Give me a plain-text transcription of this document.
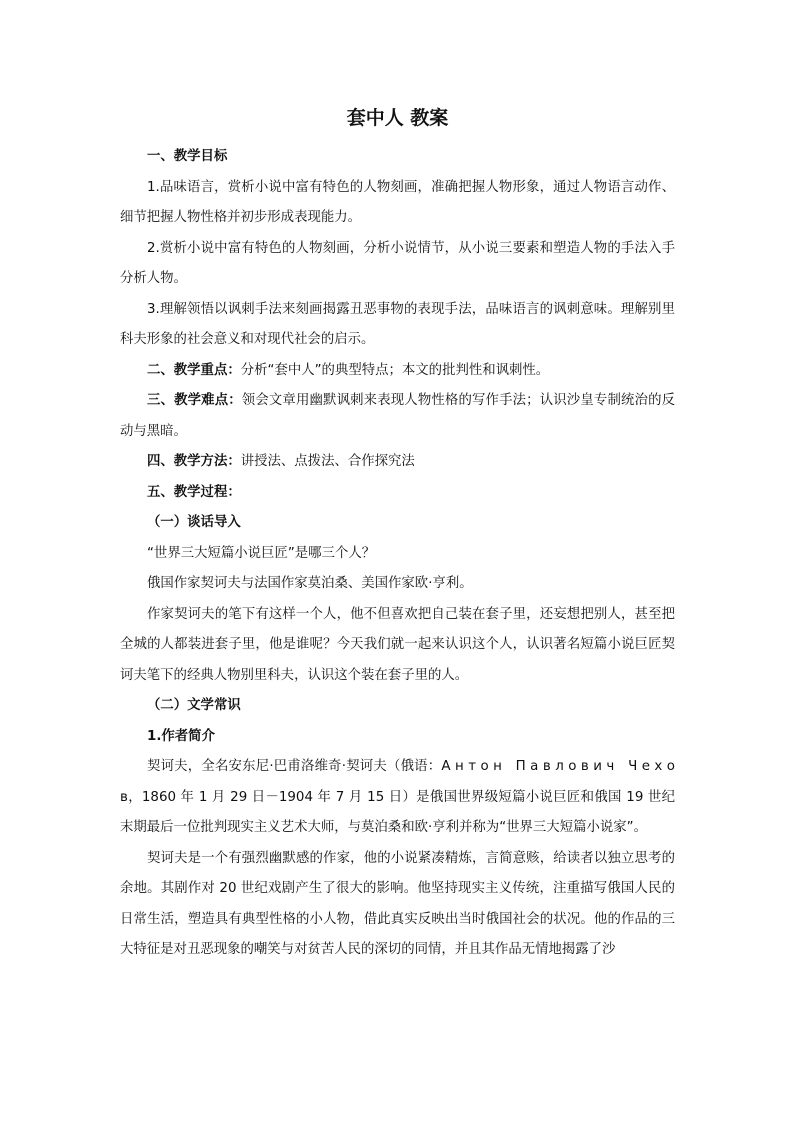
套中人 教案

一、教学目标

1.品味语言，赏析小说中富有特色的人物刻画，准确把握人物形象，通过人物语言动作、细节把握人物性格并初步形成表现能力。

2.赏析小说中富有特色的人物刻画，分析小说情节，从小说三要素和塑造人物的手法入手分析人物。

3.理解领悟以讽刺手法来刻画揭露丑恶事物的表现手法，品味语言的讽刺意味。理解别里科夫形象的社会意义和对现代社会的启示。

二、教学重点：分析“套中人”的典型特点；本文的批判性和讽刺性。

三、教学难点：领会文章用幽默讽刺来表现人物性格的写作手法；认识沙皇专制统治的反动与黑暗。

四、教学方法：讲授法、点拨法、合作探究法

五、教学过程：

（一）谈话导入

“世界三大短篇小说巨匠”是哪三个人？

俄国作家契诃夫与法国作家莫泊桑、美国作家欧·亨利。

作家契诃夫的笔下有这样一个人，他不但喜欢把自己装在套子里，还妄想把别人，甚至把全城的人都装进套子里，他是谁呢？今天我们就一起来认识这个人，认识著名短篇小说巨匠契诃夫笔下的经典人物别里科夫，认识这个装在套子里的人。

（二）文学常识

1.作者简介

契诃夫，全名安东尼·巴甫洛维奇·契诃夫（俄语：А н т о н　П а в л о в и ч　Ч е х о в，1860 年 1 月 29 日－1904 年 7 月 15 日）是俄国世界级短篇小说巨匠和俄国 19 世纪末期最后一位批判现实主义艺术大师，与莫泊桑和欧·亨利并称为“世界三大短篇小说家”。

契诃夫是一个有强烈幽默感的作家，他的小说紧凑精炼，言简意赅，给读者以独立思考的余地。其剧作对 20 世纪戏剧产生了很大的影响。他坚持现实主义传统，注重描写俄国人民的日常生活，塑造具有典型性格的小人物，借此真实反映出当时俄国社会的状况。他的作品的三大特征是对丑恶现象的嘲笑与对贫苦人民的深切的同情，并且其作品无情地揭露了沙
